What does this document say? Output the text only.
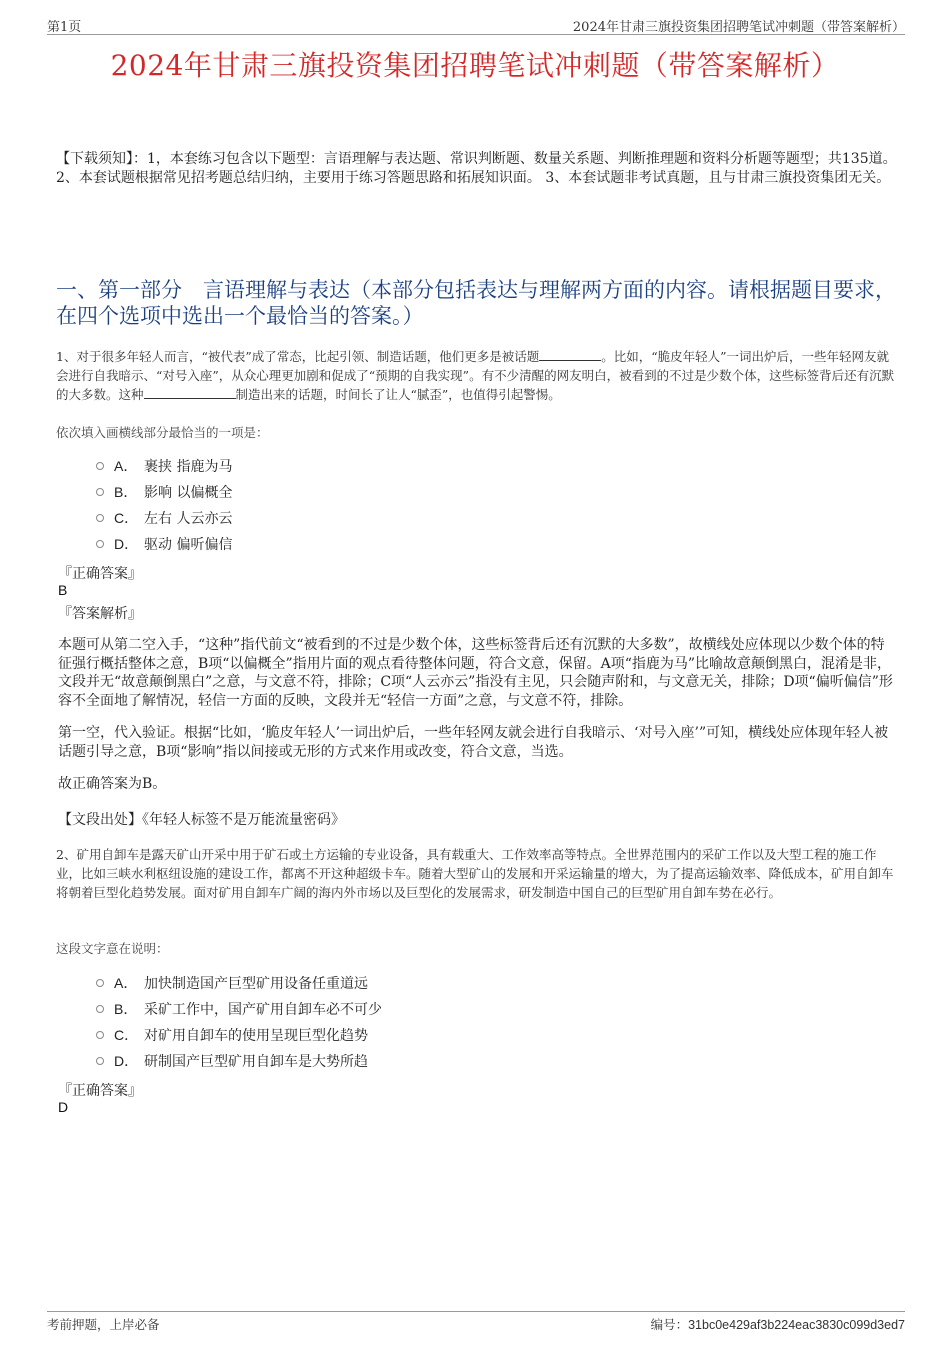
第1页	2024年甘肃三旗投资集团招聘笔试冲刺题（带答案解析）
2024年甘肃三旗投资集团招聘笔试冲刺题（带答案解析）
【下载须知】：1，本套练习包含以下题型：言语理解与表达题、常识判断题、数量关系题、判断推理题和资料分析题等题型；共135道。 2、本套试题根据常见招考题总结归纳，主要用于练习答题思路和拓展知识面。 3、本套试题非考试真题，且与甘肃三旗投资集团无关。
一、第一部分　言语理解与表达（本部分包括表达与理解两方面的内容。请根据题目要求，在四个选项中选出一个最恰当的答案。）
1、对于很多年轻人而言，“被代表”成了常态，比起引领、制造话题，他们更多是被话题	。比如，“脆皮年轻人”一词出炉后，一些年轻网友就会进行自我暗示、“对号入座”，从众心理更加剧和促成了“预期的自我实现”。有不少清醒的网友明白，被看到的不过是少数个体，这些标签背后还有沉默的大多数。这种	制造出来的话题，时间长了让人“腻歪”，也值得引起警惕。
依次填入画横线部分最恰当的一项是：
A． 裹挟 指鹿为马
B． 影响 以偏概全
C． 左右 人云亦云
D． 驱动 偏听偏信
『正确答案』
B
『答案解析』
本题可从第二空入手，“这种”指代前文“被看到的不过是少数个体，这些标签背后还有沉默的大多数”，故横线处应体现以少数个体的特征强行概括整体之意，B项“以偏概全”指用片面的观点看待整体问题，符合文意，保留。A项“指鹿为马”比喻故意颠倒黑白，混淆是非，文段并无“故意颠倒黑白”之意，与文意不符，排除；C项“人云亦云”指没有主见，只会随声附和，与文意无关，排除；D项“偏听偏信”形容不全面地了解情况，轻信一方面的反映，文段并无“轻信一方面”之意，与文意不符，排除。
第一空，代入验证。根据“比如，‘脆皮年轻人’一词出炉后，一些年轻网友就会进行自我暗示、‘对号入座’”可知，横线处应体现年轻人被话题引导之意，B项“影响”指以间接或无形的方式来作用或改变，符合文意，当选。
故正确答案为B。
【文段出处】《年轻人标签不是万能流量密码》
2、矿用自卸车是露天矿山开采中用于矿石或土方运输的专业设备，具有载重大、工作效率高等特点。全世界范围内的采矿工作以及大型工程的施工作业，比如三峡水利枢纽设施的建设工作，都离不开这种超级卡车。随着大型矿山的发展和开采运输量的增大，为了提高运输效率、降低成本，矿用自卸车将朝着巨型化趋势发展。面对矿用自卸车广阔的海内外市场以及巨型化的发展需求，研发制造中国自己的巨型矿用自卸车势在必行。
这段文字意在说明：
A． 加快制造国产巨型矿用设备任重道远
B． 采矿工作中，国产矿用自卸车必不可少
C． 对矿用自卸车的使用呈现巨型化趋势
D． 研制国产巨型矿用自卸车是大势所趋
『正确答案』
D
考前押题，上岸必备	编号：31bc0e429af3b224eac3830c099d3ed7
